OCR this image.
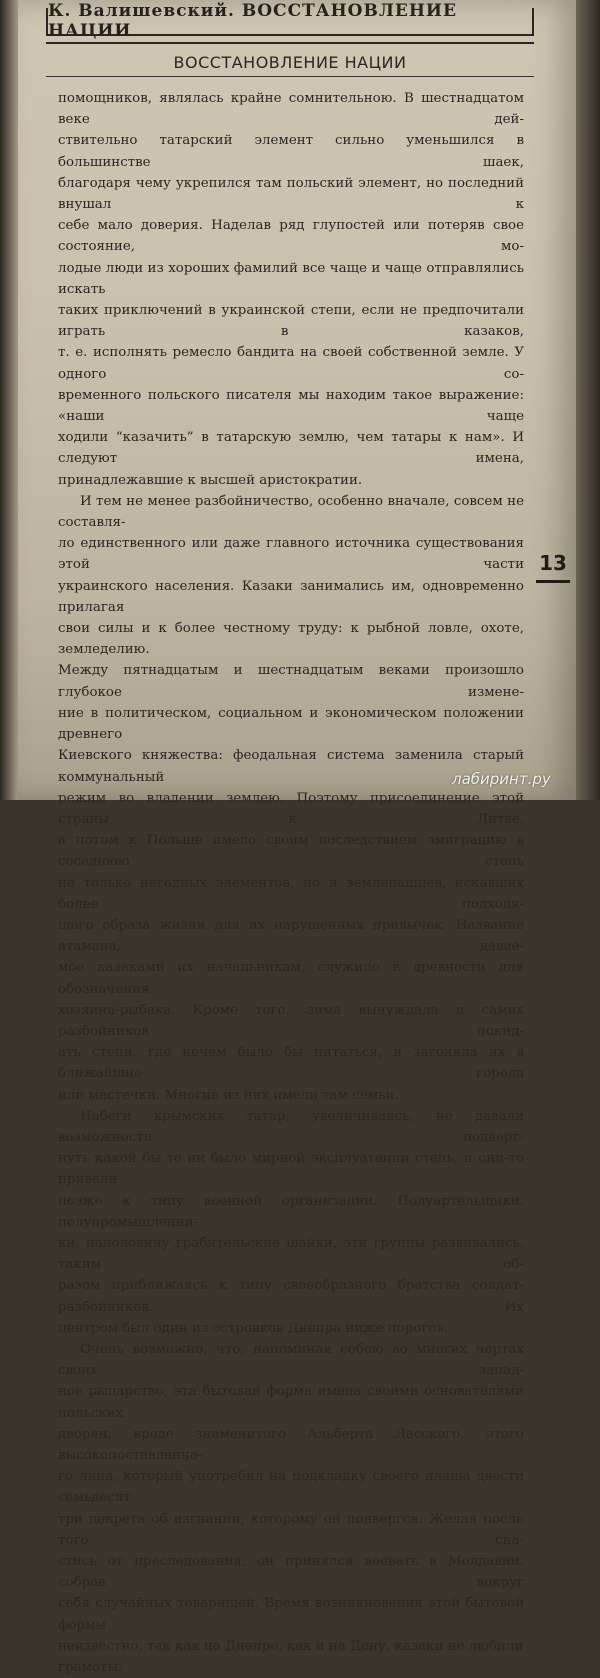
К. Валишевский. ВОССТАНОВЛЕНИЕ НАЦИИ
ВОССТАНОВЛЕНИЕ НАЦИИ

помощников, являлась крайне сомнительною. В шестнадцатом веке дей-
ствительно татарский элемент сильно уменьшился в большинстве шаек,
благодаря чему укрепился там польский элемент, но последний внушал к
себе мало доверия. Наделав ряд глупостей или потеряв свое состояние, мо-
лодые люди из хороших фамилий все чаще и чаще отправлялись искать
таких приключений в украинской степи, если не предпочитали играть в казаков,
т. е. исполнять ремесло бандита на своей собственной земле. У одного со-
временного польского писателя мы находим такое выражение: «наши чаще
ходили “казачить” в татарскую землю, чем татары к нам». И следуют имена,
принадлежавшие к высшей аристократии.

И тем не менее разбойничество, особенно вначале, совсем не составля-
ло единственного или даже главного источника существования этой части
украинского населения. Казаки занимались им, одновременно прилагая
свои силы и к более честному труду: к рыбной ловле, охоте, земледелию.
Между пятнадцатым и шестнадцатым веками произошло глубокое измене-
ние в политическом, социальном и экономическом положении древнего
Киевского княжества: феодальная система заменила старый коммунальный
режим во владении землею. Поэтому присоединение этой страны к Литве,
а потом к Польше имело своим последствием эмиграцию в соседнюю степь
не только негодных элементов, но и землепашцев, искавших более подходя-
щего образа жизни для их нарушенных привычек. Название атамана, давае-
мое казаками их начальникам, служило в древности для обозначения
хозяина-рыбака. Кроме того, зима вынуждала и самих разбойников покид-
ать степи, где нечем было бы питаться, и загоняла их в ближайшие города
или местечки. Многие из них имели там семьи.

Набеги крымских татар, увеличиваясь, не давали возможности подверг-
нуть какой бы то ни было мирной эксплуатации степь, и они-то привели
позже к типу военной организации. Полуартельщики, полупромышленни-
ки, наполовину грабительские шайки, эти группы развивались, таким об-
разом приближаясь к типу своеобразного братства солдат-разбойников. Их
центром был один из островков Днепра ниже порогов.

Очень возможно, что, напоминая собою во многих чертах своих запад-
ное рыцарство, эта бытовая форма имела своими основателями польских
дворян, вроде знаменитого Альберта Ласского, этого высокопоставленно-
го лица, который употребил на подкладку своего плаща двести семьдесят
три декрета об изгнании, которому он подвергся. Желая после того спа-
стись от преследования, он принялся воевать в Молдавии, собрав вокруг
себя случайных товарищей. Время возникновения этой бытовой формы
неизвестно, так как на Днепре, как и на Дону, казаки не любили грамоты.

13
лабиринт.ру
